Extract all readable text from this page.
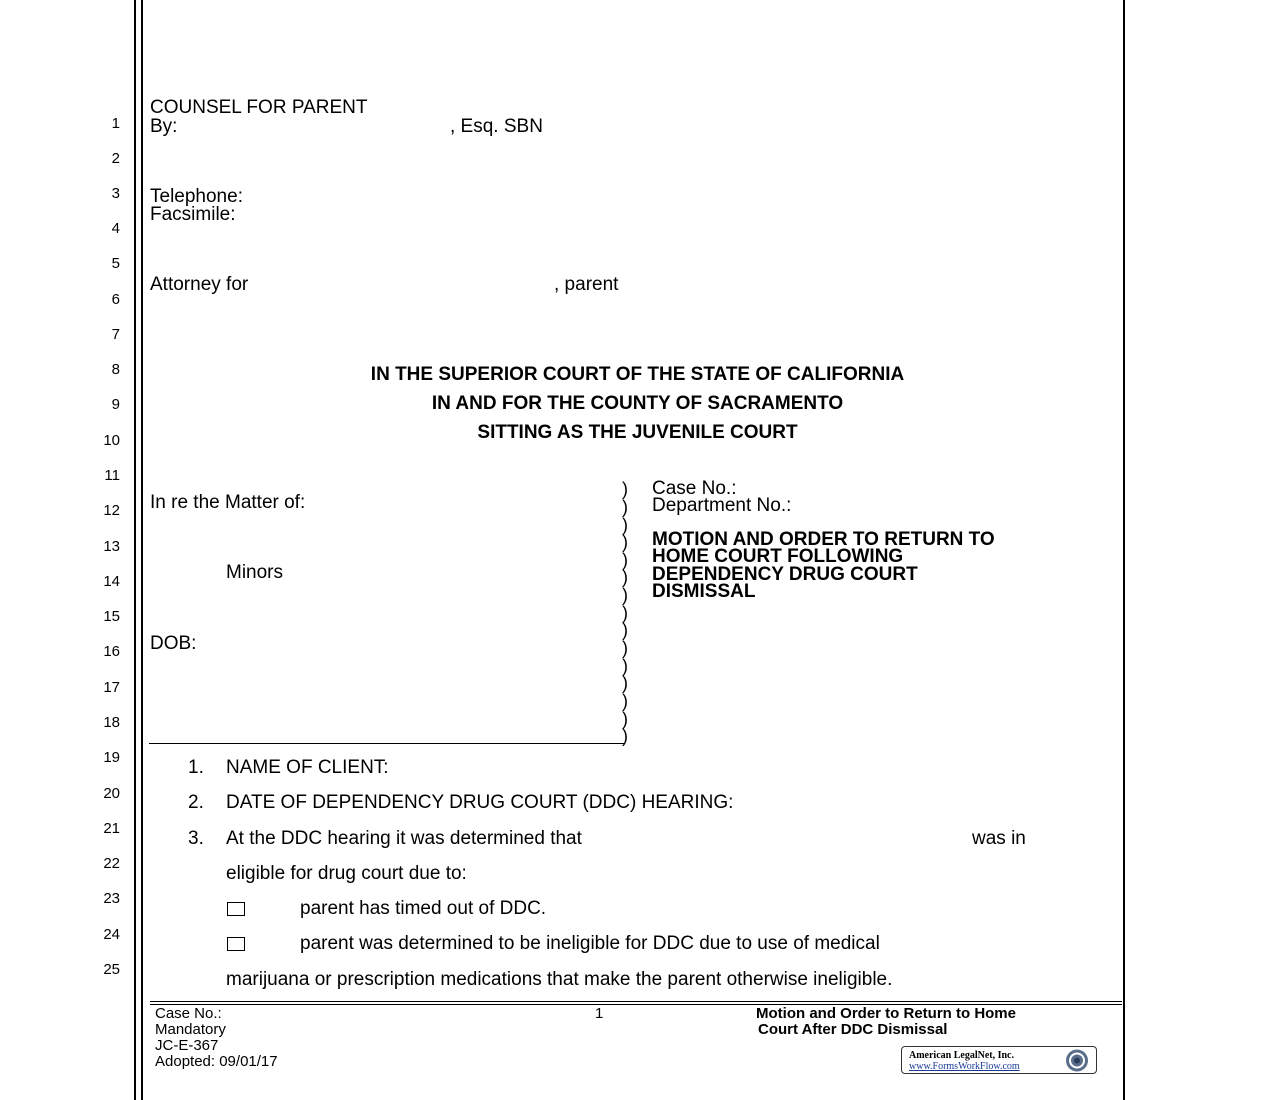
1
2
3
4
5
6
7
8
9
10
11
12
13
14
15
16
17
18
19
20
21
22
23
24
25
COUNSEL FOR PARENT
By:	, Esq. SBN
Telephone:
Facsimile:
Attorney for	, parent
IN THE SUPERIOR COURT OF THE STATE OF CALIFORNIA
IN AND FOR THE COUNTY OF SACRAMENTO
SITTING AS THE JUVENILE COURT
In re the Matter of:
Minors
DOB:
)
)
)
)
)
)
)
)
)
)
)
)
)
)
)
Case No.:
Department No.:
MOTION AND ORDER TO RETURN TO
HOME COURT FOLLOWING
DEPENDENCY DRUG COURT
DISMISSAL
1. NAME OF CLIENT:
2. DATE OF DEPENDENCY DRUG COURT (DDC) HEARING:
3. At the DDC hearing it was determined that	was in
eligible for drug court due to:
parent has timed out of DDC.
parent was determined to be ineligible for DDC due to use of medical
marijuana or prescription medications that make the parent otherwise ineligible.
Case No.:
Mandatory
JC-E-367
Adopted: 09/01/17
1	Motion and Order to Return to Home
Court After DDC Dismissal
American LegalNet, Inc.
www.FormsWorkFlow.com
